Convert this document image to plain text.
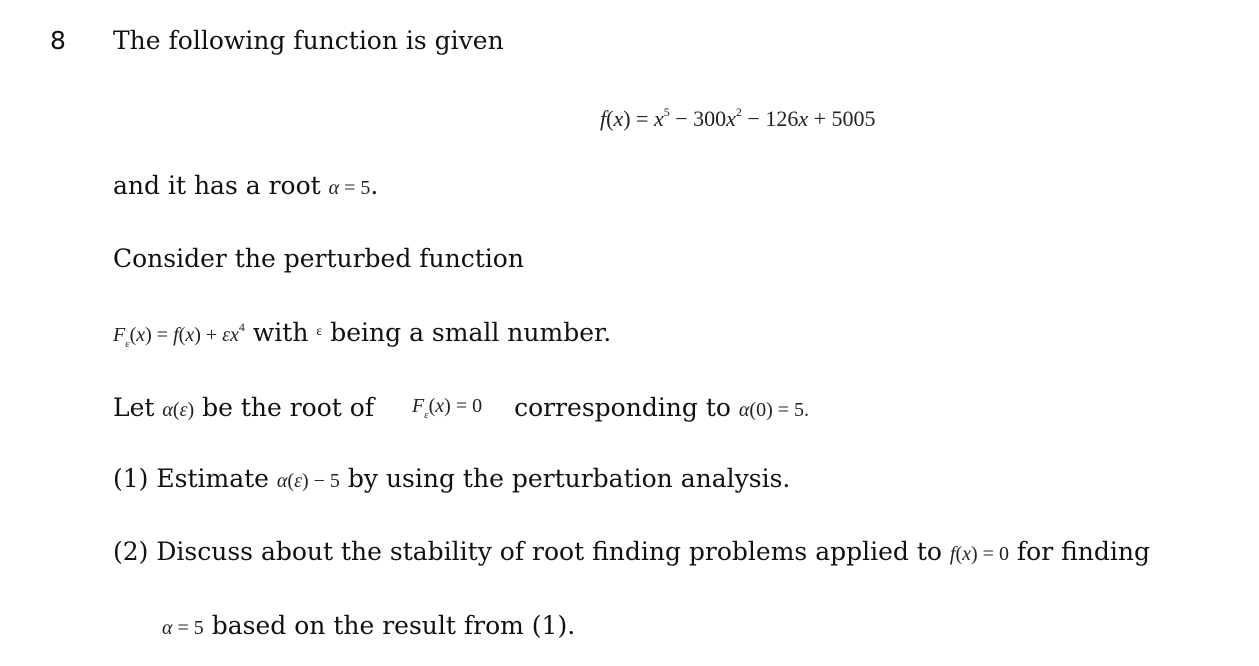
8 The following function is given
$f(x) = x^5 - 300x^2 - 126x + 5005$
and it has a root α = 5.
Consider the perturbed function
$F_\varepsilon(x) = f(x) + \varepsilon x^4$ with $^\varepsilon$ being a small number.
Let α(ε) be the root of $F_\varepsilon(x) = 0$ corresponding to α(0) = 5.
(1) Estimate α(ε) − 5 by using the perturbation analysis.
(2) Discuss about the stability of root finding problems applied to f(x) = 0 for finding
α = 5 based on the result from (1).
